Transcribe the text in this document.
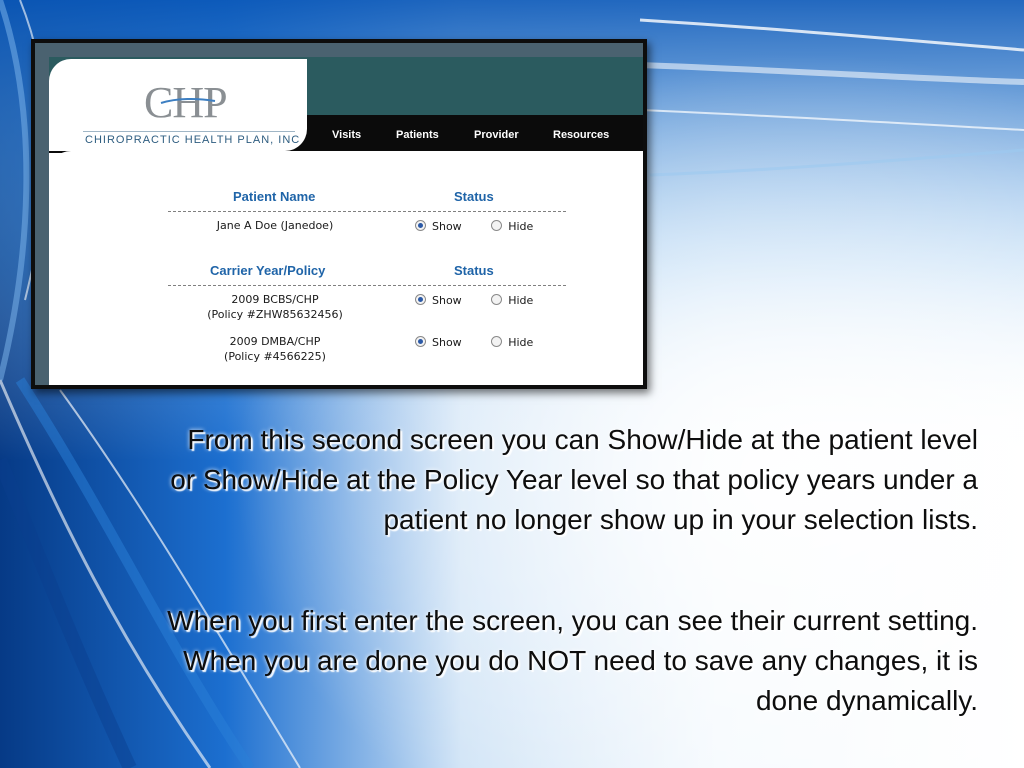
CHP
CHIROPRACTIC HEALTH PLAN, INC	Visits	Patients	Provider	Resources
Patient Name	Status
Jane A Doe (Janedoe)	Show	Hide
Carrier Year/Policy	Status
2009 BCBS/CHP
(Policy #ZHW85632456)
Show	Hide
2009 DMBA/CHP
(Policy #4566225)
Show	Hide
From this second screen you can Show/Hide at the patient level or Show/Hide at the Policy Year level so that policy years under a patient no longer show up in your selection lists.
When you first enter the screen, you can see their current setting. When you are done you do NOT need to save any changes, it is done dynamically.
